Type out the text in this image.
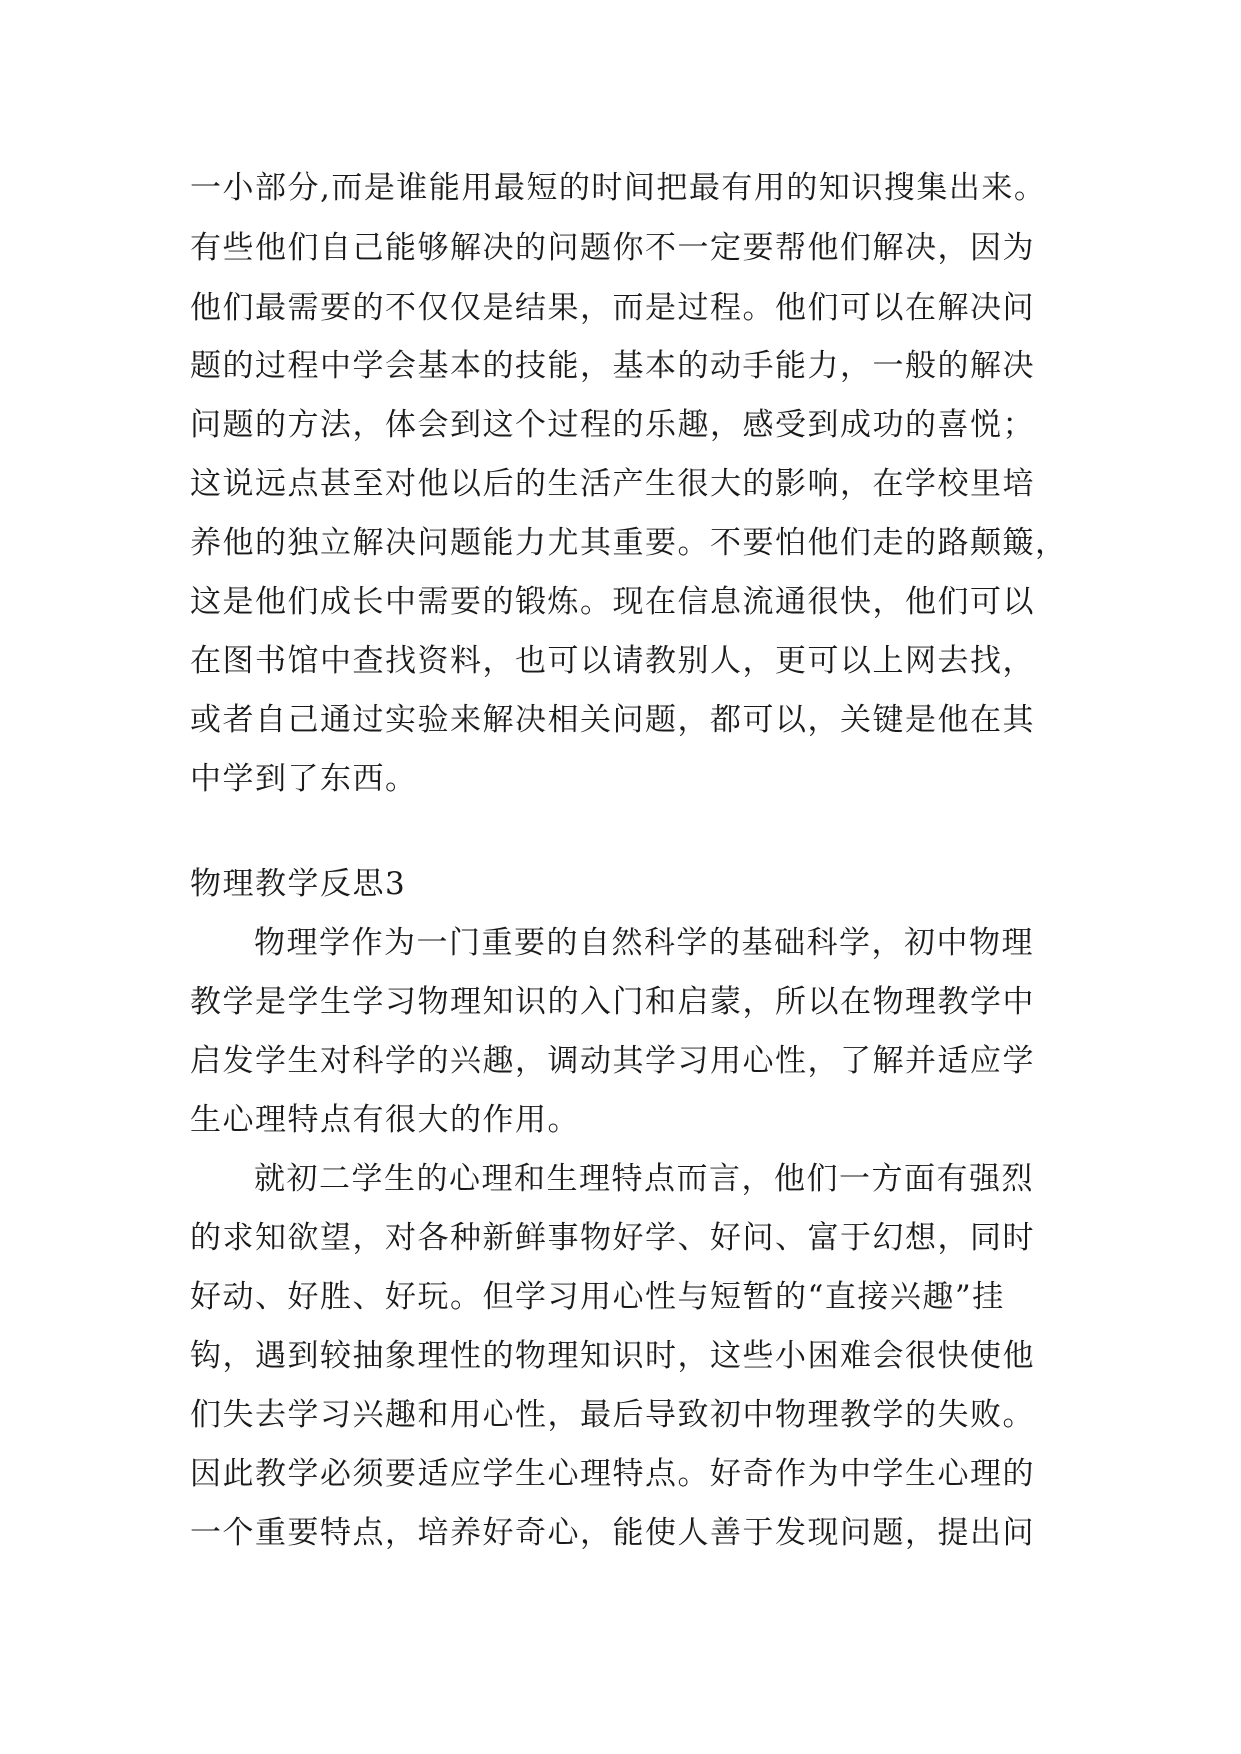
一小部分,而是谁能用最短的时间把最有用的知识搜集出来。
有些他们自己能够解决的问题你不一定要帮他们解决，因为
他们最需要的不仅仅是结果，而是过程。他们可以在解决问
题的过程中学会基本的技能，基本的动手能力，一般的解决
问题的方法，体会到这个过程的乐趣，感受到成功的喜悦；
这说远点甚至对他以后的生活产生很大的影响，在学校里培
养他的独立解决问题能力尤其重要。不要怕他们走的路颠簸，
这是他们成长中需要的锻炼。现在信息流通很快，他们可以
在图书馆中查找资料，也可以请教别人，更可以上网去找，
或者自己通过实验来解决相关问题，都可以，关键是他在其
中学到了东西。
物理教学反思3
物理学作为一门重要的自然科学的基础科学，初中物理
教学是学生学习物理知识的入门和启蒙，所以在物理教学中
启发学生对科学的兴趣，调动其学习用心性，了解并适应学
生心理特点有很大的作用。
就初二学生的心理和生理特点而言，他们一方面有强烈
的求知欲望，对各种新鲜事物好学、好问、富于幻想，同时
好动、好胜、好玩。但学习用心性与短暂的“直接兴趣”挂
钩，遇到较抽象理性的物理知识时，这些小困难会很快使他
们失去学习兴趣和用心性，最后导致初中物理教学的失败。
因此教学必须要适应学生心理特点。好奇作为中学生心理的
一个重要特点，培养好奇心，能使人善于发现问题，提出问
